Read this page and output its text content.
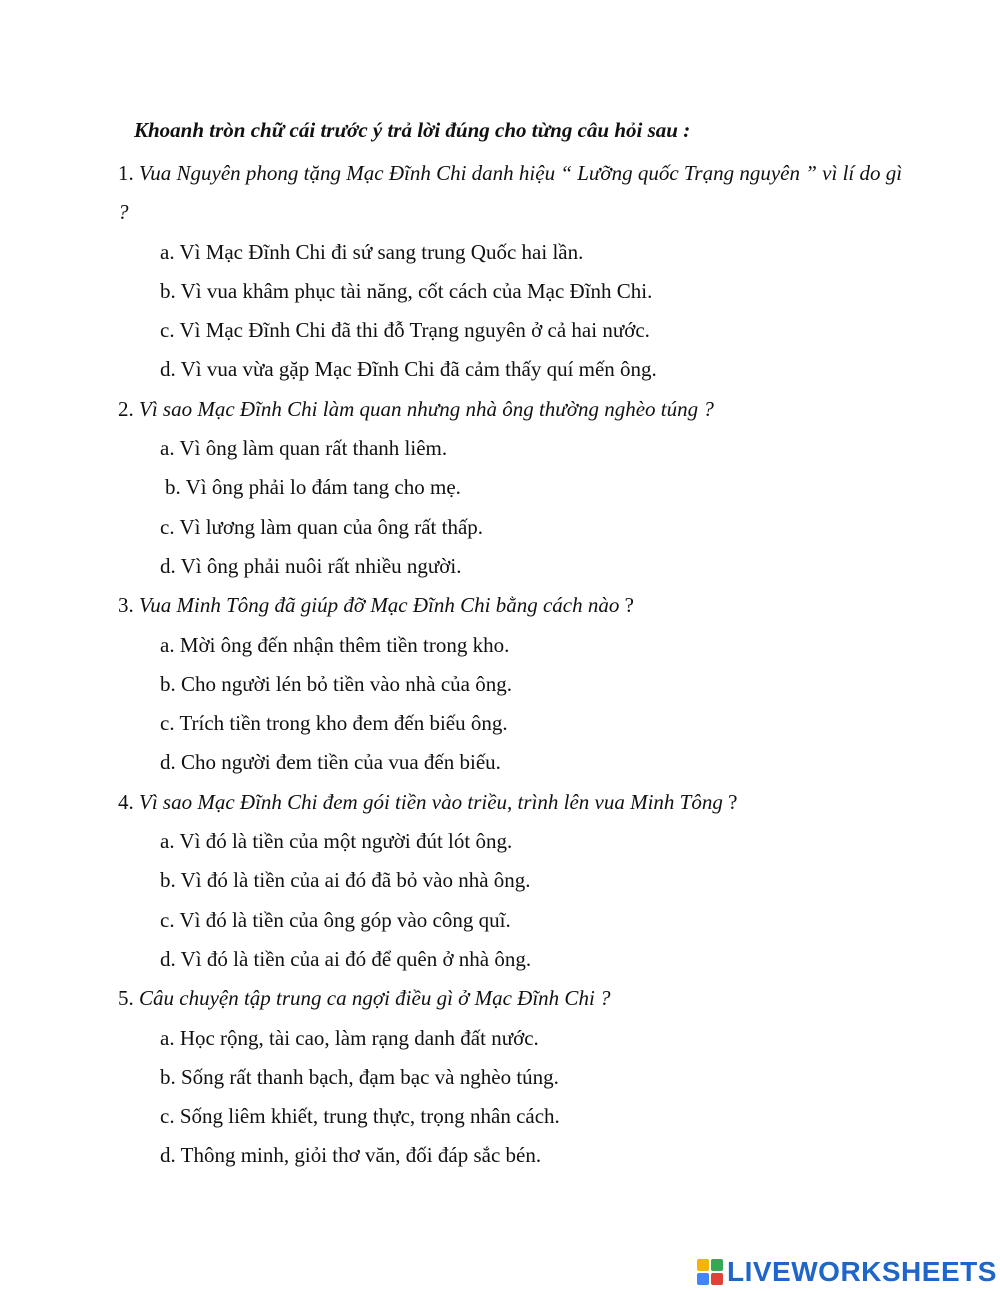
Khoanh tròn chữ cái trước ý trả lời đúng cho từng câu hỏi sau :

1. Vua Nguyên phong tặng Mạc Đĩnh Chi danh hiệu “ Lưỡng quốc Trạng nguyên ” vì lí do gì ?

a. Vì Mạc Đĩnh Chi đi sứ sang trung Quốc hai lần.
b. Vì vua khâm phục tài năng, cốt cách của Mạc Đĩnh Chi.
c. Vì Mạc Đĩnh Chi đã thi đỗ Trạng nguyên ở cả hai nước.
d. Vì vua vừa gặp Mạc Đĩnh Chi đã cảm thấy quí mến ông.

2. Vì sao Mạc Đĩnh Chi làm quan nhưng nhà ông thường nghèo túng ?

a. Vì ông làm quan rất thanh liêm.
b. Vì ông phải lo đám tang cho mẹ.
c. Vì lương làm quan của ông rất thấp.
d. Vì ông phải nuôi rất nhiều người.

3. Vua Minh Tông đã giúp đỡ Mạc Đĩnh Chi bằng cách nào ?

a. Mời ông đến nhận thêm tiền trong kho.
b. Cho người lén bỏ tiền vào nhà của ông.
c. Trích tiền trong kho đem đến biếu ông.
d. Cho người đem tiền của vua đến biếu.

4. Vì sao Mạc Đĩnh Chi đem gói tiền vào triều, trình lên vua Minh Tông ?

a. Vì đó là tiền của một người đút lót ông.
b. Vì đó là tiền của ai đó đã bỏ vào nhà ông.
c. Vì đó là tiền của ông góp vào công quĩ.
d. Vì đó là tiền của ai đó để quên ở nhà ông.

5. Câu chuyện tập trung ca ngợi điều gì ở Mạc Đĩnh Chi ?

a. Học rộng, tài cao, làm rạng danh đất nước.
b. Sống rất thanh bạch, đạm bạc và nghèo túng.
c. Sống liêm khiết, trung thực, trọng nhân cách.
d. Thông minh, giỏi thơ văn, đối đáp sắc bén.
LIVEWORKSHEETS
